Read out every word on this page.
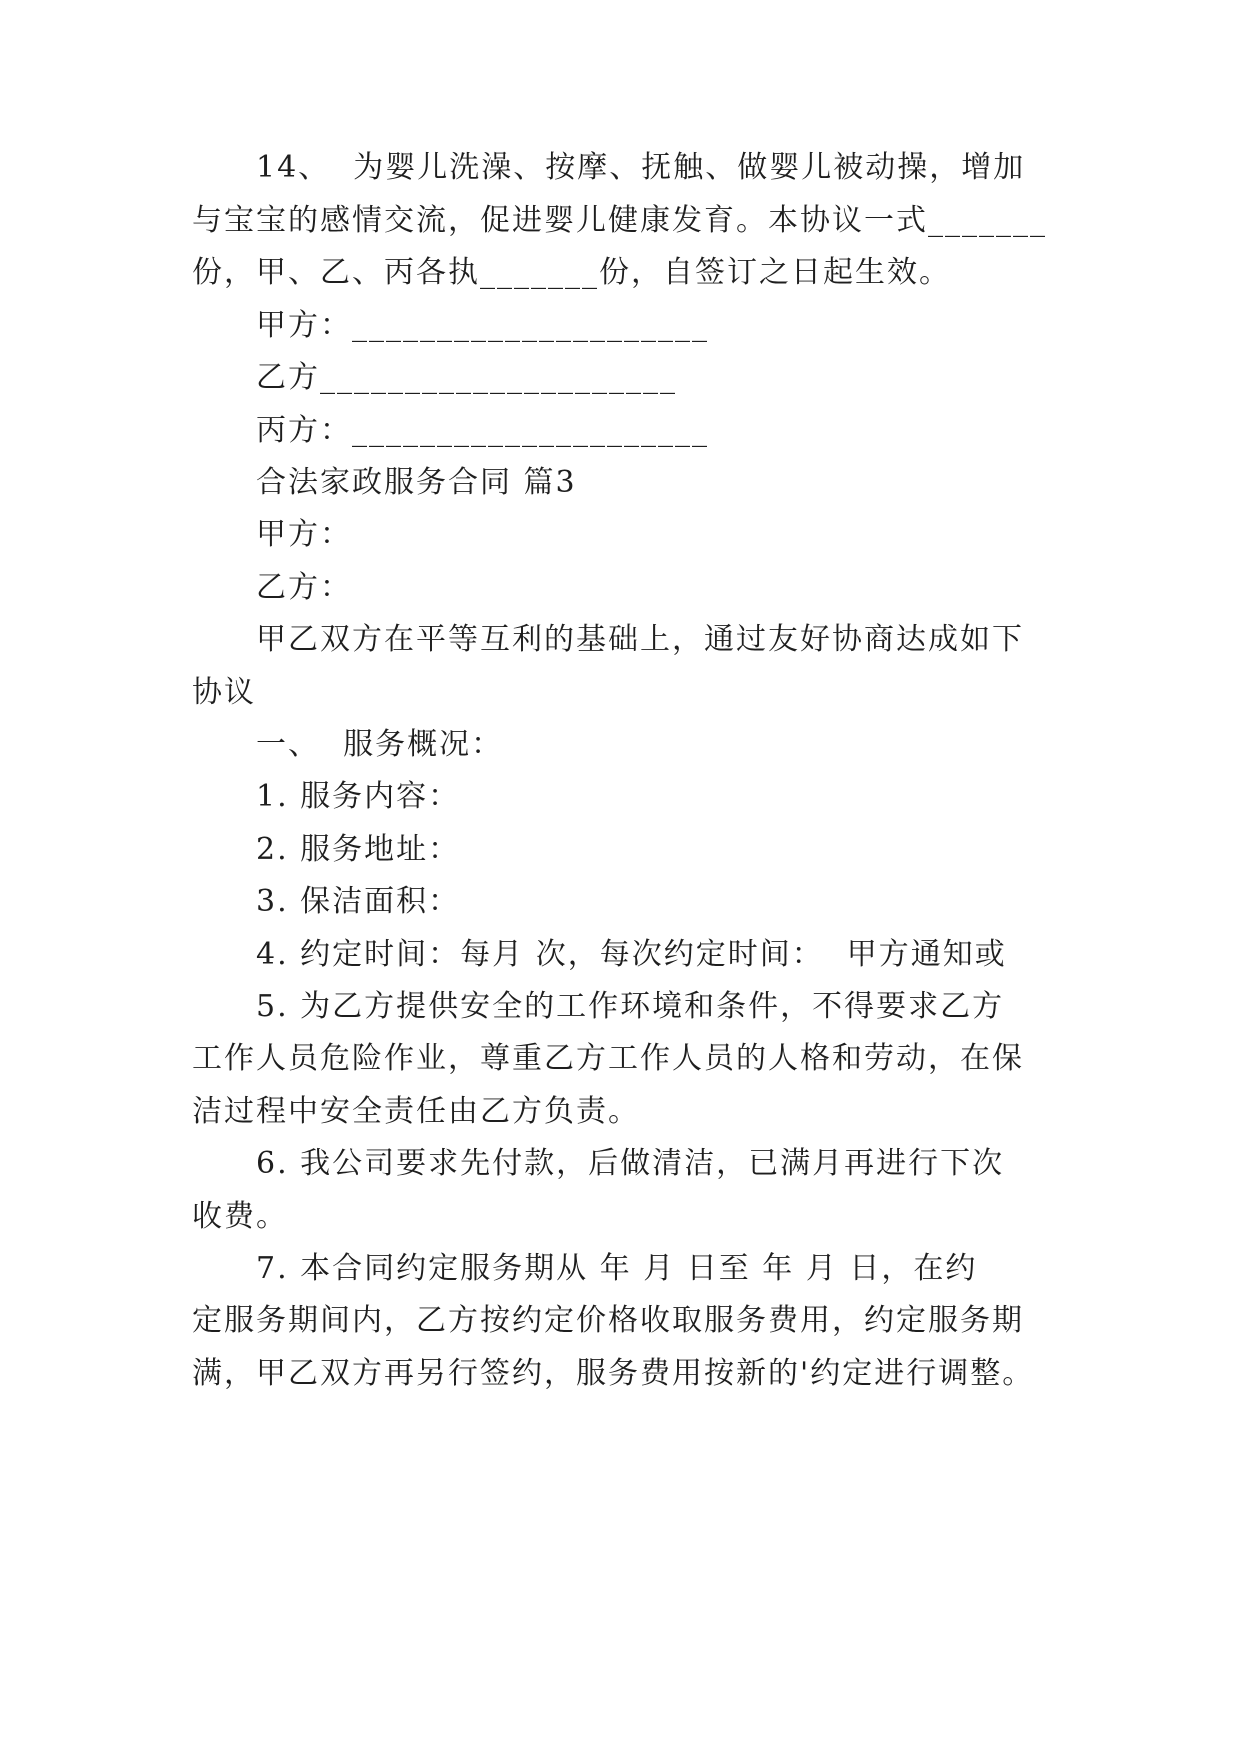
14、  为婴儿洗澡、按摩、抚触、做婴儿被动操，增加
与宝宝的感情交流，促进婴儿健康发育。本协议一式_______
份，甲、乙、丙各执_______份，自签订之日起生效。
甲方：_____________________
乙方_____________________
丙方：_____________________
合法家政服务合同 篇3
甲方：
乙方：
甲乙双方在平等互利的基础上，通过友好协商达成如下
协议
一、  服务概况：
1. 服务内容：
2. 服务地址：
3. 保洁面积：
4. 约定时间：每月 次，每次约定时间：  甲方通知或
5. 为乙方提供安全的工作环境和条件，不得要求乙方
工作人员危险作业，尊重乙方工作人员的人格和劳动，在保
洁过程中安全责任由乙方负责。
6. 我公司要求先付款，后做清洁，已满月再进行下次
收费。
7. 本合同约定服务期从 年 月 日至 年 月 日，在约
定服务期间内，乙方按约定价格收取服务费用，约定服务期
满，甲乙双方再另行签约，服务费用按新的'约定进行调整。
